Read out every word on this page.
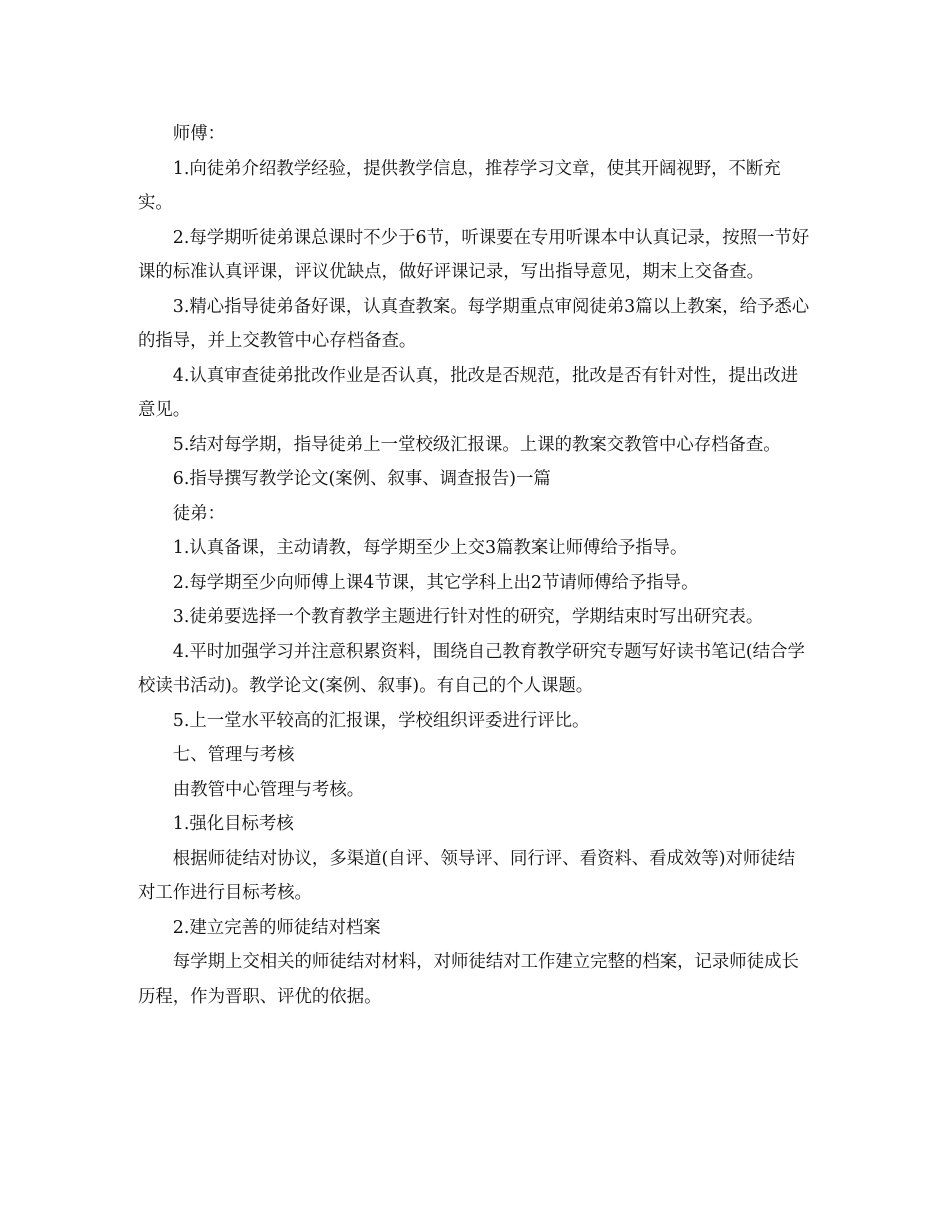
师傅：

1.向徒弟介绍教学经验，提供教学信息，推荐学习文章，使其开阔视野，不断充实。

2.每学期听徒弟课总课时不少于6节，听课要在专用听课本中认真记录，按照一节好课的标准认真评课，评议优缺点，做好评课记录，写出指导意见，期末上交备查。

3.精心指导徒弟备好课，认真查教案。每学期重点审阅徒弟3篇以上教案，给予悉心的指导，并上交教管中心存档备查。

4.认真审查徒弟批改作业是否认真，批改是否规范，批改是否有针对性，提出改进意见。

5.结对每学期，指导徒弟上一堂校级汇报课。上课的教案交教管中心存档备查。

6.指导撰写教学论文(案例、叙事、调查报告)一篇

徒弟：

1.认真备课，主动请教，每学期至少上交3篇教案让师傅给予指导。

2.每学期至少向师傅上课4节课，其它学科上出2节请师傅给予指导。

3.徒弟要选择一个教育教学主题进行针对性的研究，学期结束时写出研究表。

4.平时加强学习并注意积累资料，围绕自己教育教学研究专题写好读书笔记(结合学校读书活动)。教学论文(案例、叙事)。有自己的个人课题。

5.上一堂水平较高的汇报课，学校组织评委进行评比。

七、管理与考核

由教管中心管理与考核。

1.强化目标考核

根据师徒结对协议，多渠道(自评、领导评、同行评、看资料、看成效等)对师徒结对工作进行目标考核。

2.建立完善的师徒结对档案

每学期上交相关的师徒结对材料，对师徒结对工作建立完整的档案，记录师徒成长历程，作为晋职、评优的依据。
